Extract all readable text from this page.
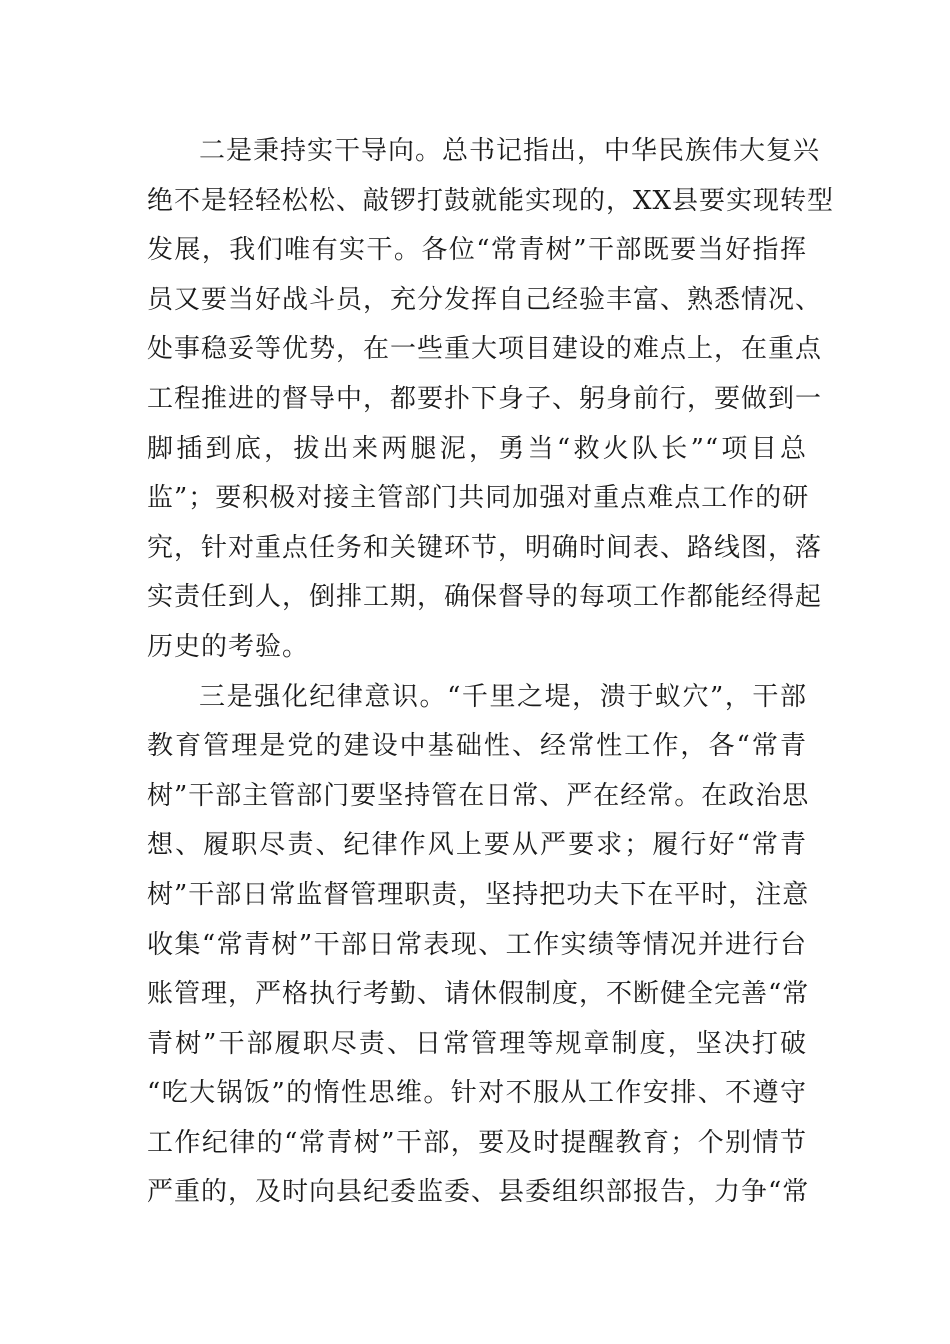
二是秉持实干导向。总书记指出，中华民族伟大复兴
绝不是轻轻松松、敲锣打鼓就能实现的，XX县要实现转型
发展，我们唯有实干。各位“常青树”干部既要当好指挥
员又要当好战斗员，充分发挥自己经验丰富、熟悉情况、
处事稳妥等优势，在一些重大项目建设的难点上，在重点
工程推进的督导中，都要扑下身子、躬身前行，要做到一
脚插到底，拔出来两腿泥，勇当“救火队长”“项目总
监”；要积极对接主管部门共同加强对重点难点工作的研
究，针对重点任务和关键环节，明确时间表、路线图，落
实责任到人，倒排工期，确保督导的每项工作都能经得起
历史的考验。
三是强化纪律意识。“千里之堤，溃于蚁穴”，干部
教育管理是党的建设中基础性、经常性工作，各“常青
树”干部主管部门要坚持管在日常、严在经常。在政治思
想、履职尽责、纪律作风上要从严要求；履行好“常青
树”干部日常监督管理职责，坚持把功夫下在平时，注意
收集“常青树”干部日常表现、工作实绩等情况并进行台
账管理，严格执行考勤、请休假制度，不断健全完善“常
青树”干部履职尽责、日常管理等规章制度，坚决打破
“吃大锅饭”的惰性思维。针对不服从工作安排、不遵守
工作纪律的“常青树”干部，要及时提醒教育；个别情节
严重的，及时向县纪委监委、县委组织部报告，力争“常
